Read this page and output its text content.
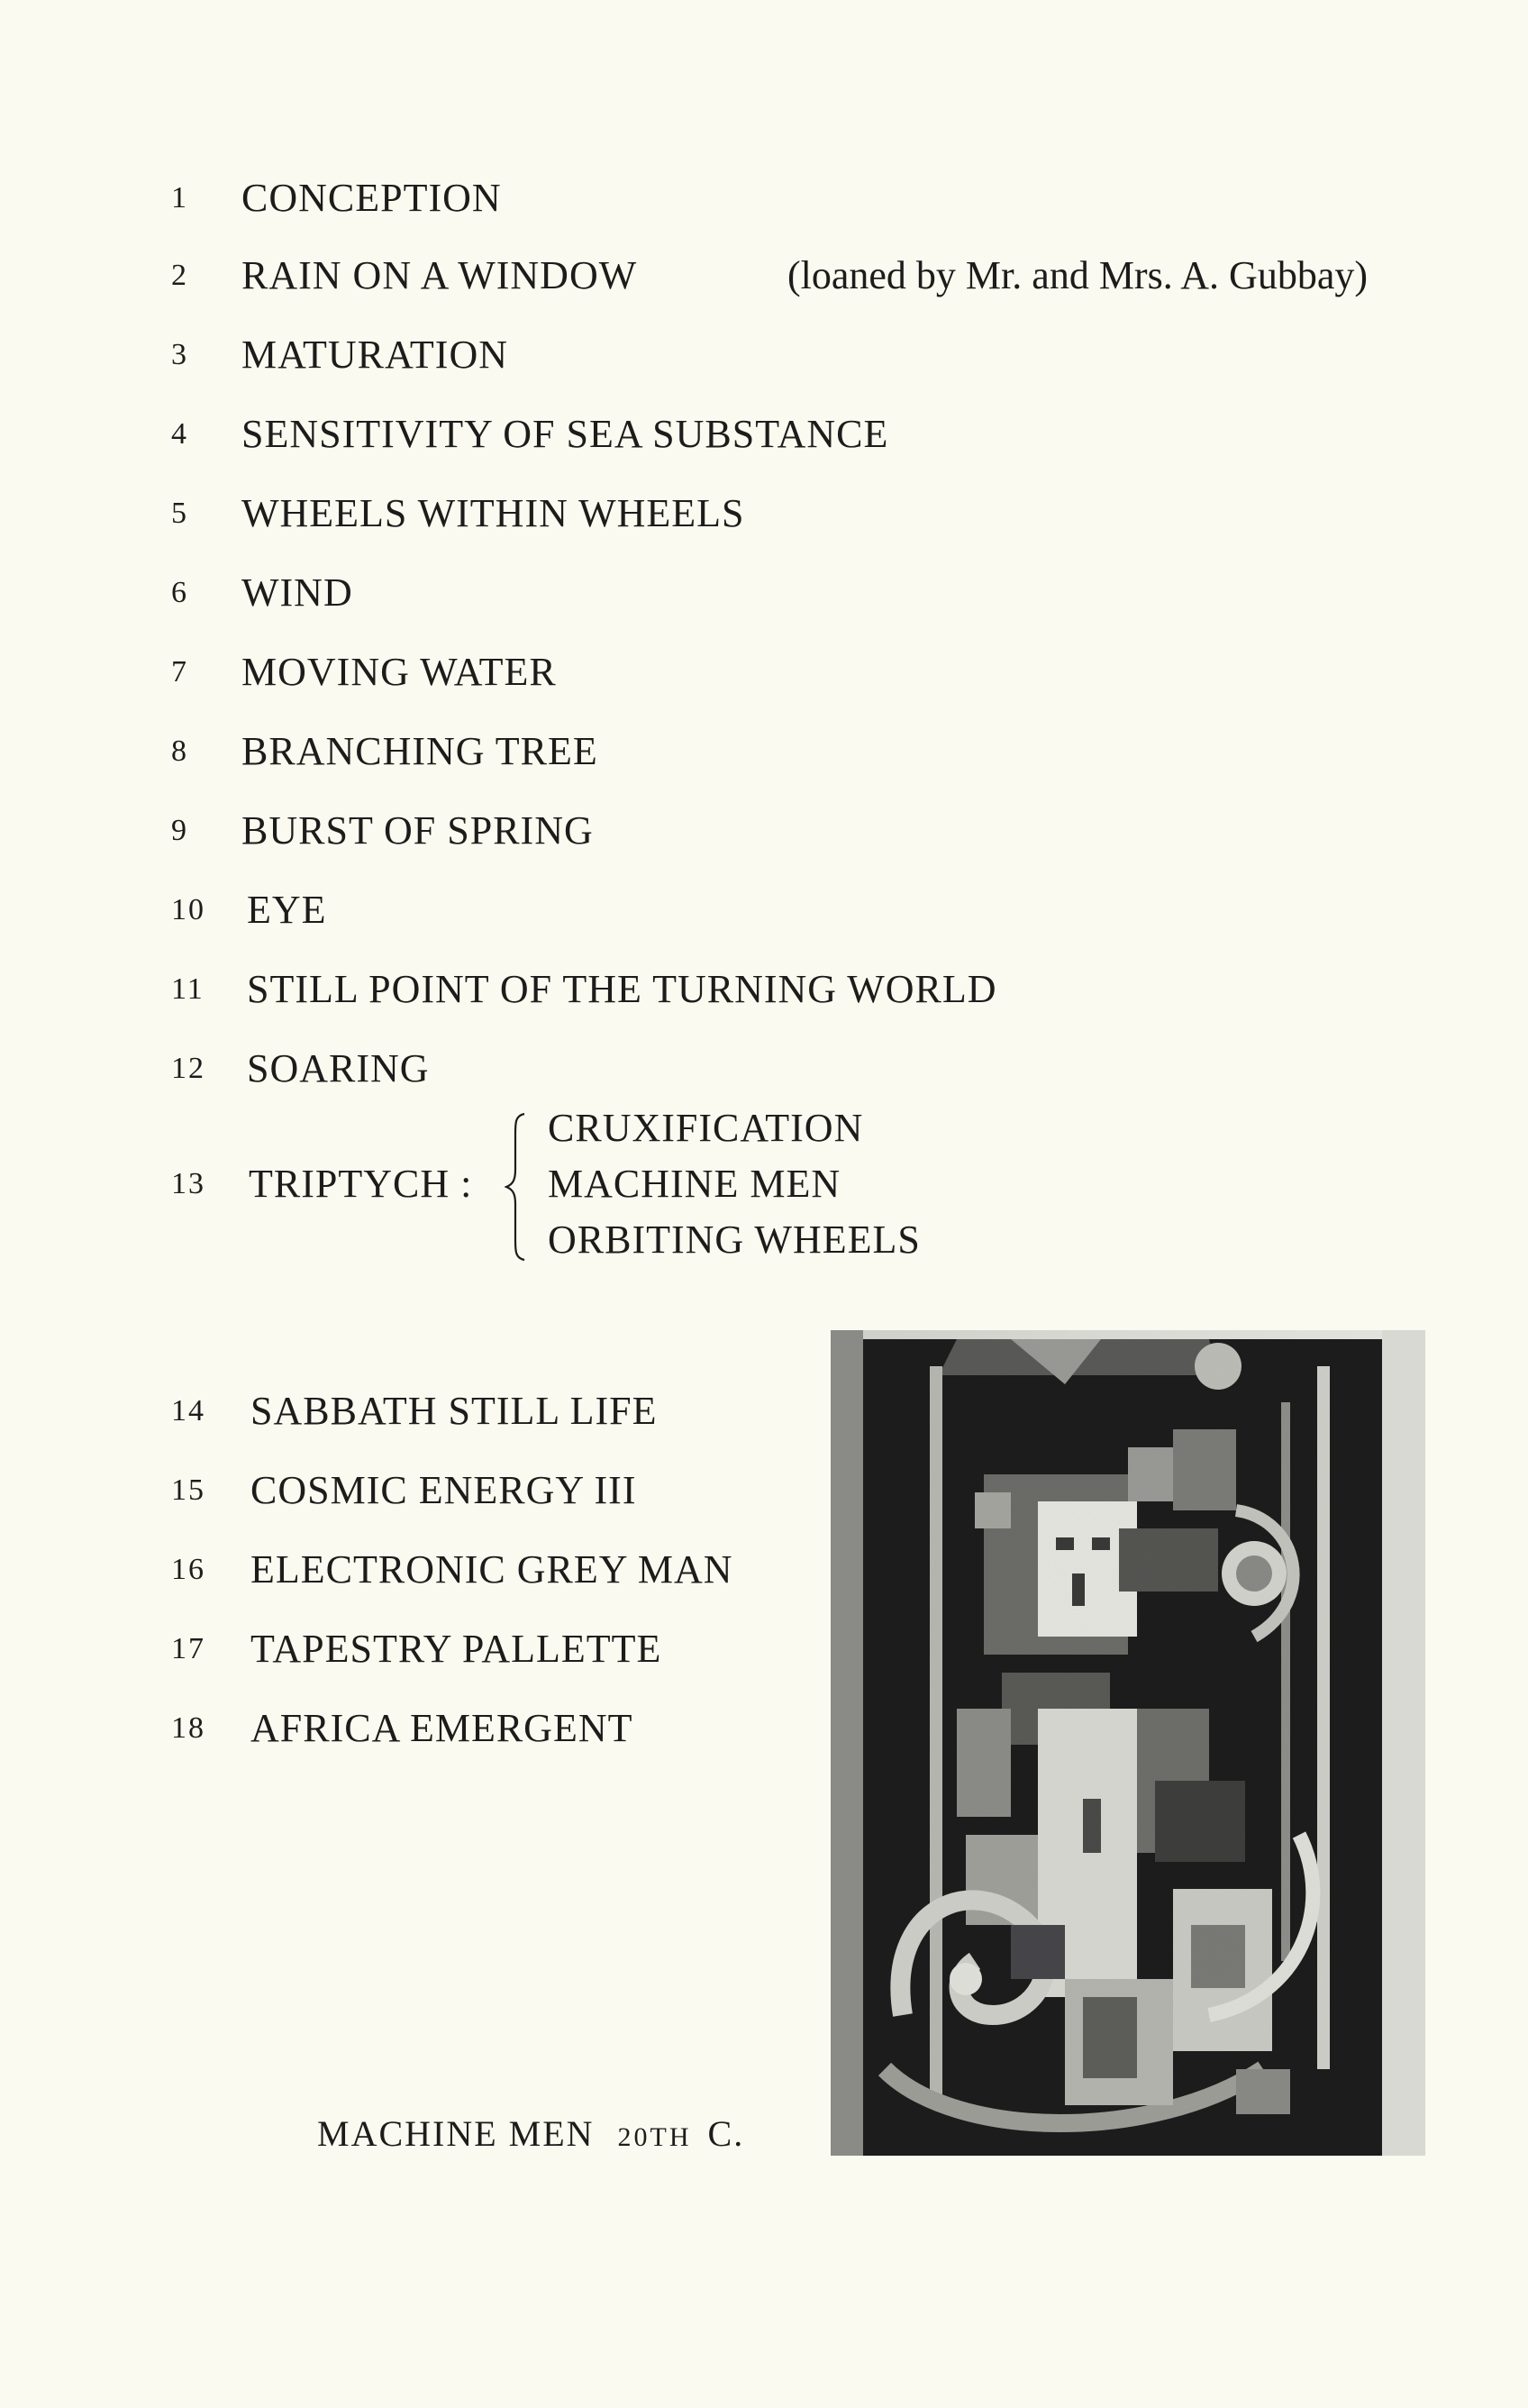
1	CONCEPTION
2	RAIN ON A WINDOW	(loaned by Mr. and Mrs. A. Gubbay)
3	MATURATION
4	SENSITIVITY OF SEA SUBSTANCE
5	WHEELS WITHIN WHEELS
6	WIND
7	MOVING WATER
8	BRANCHING TREE
9	BURST OF SPRING
10	EYE
11	STILL POINT OF THE TURNING WORLD
12	SOARING
13 TRIPTYCH :
CRUXIFICATION
MACHINE MEN
ORBITING WHEELS
14	SABBATH STILL LIFE
15	COSMIC ENERGY III
16	ELECTRONIC GREY MAN
17	TAPESTRY PALLETTE
18	AFRICA EMERGENT
MACHINE MEN 20TH C.
